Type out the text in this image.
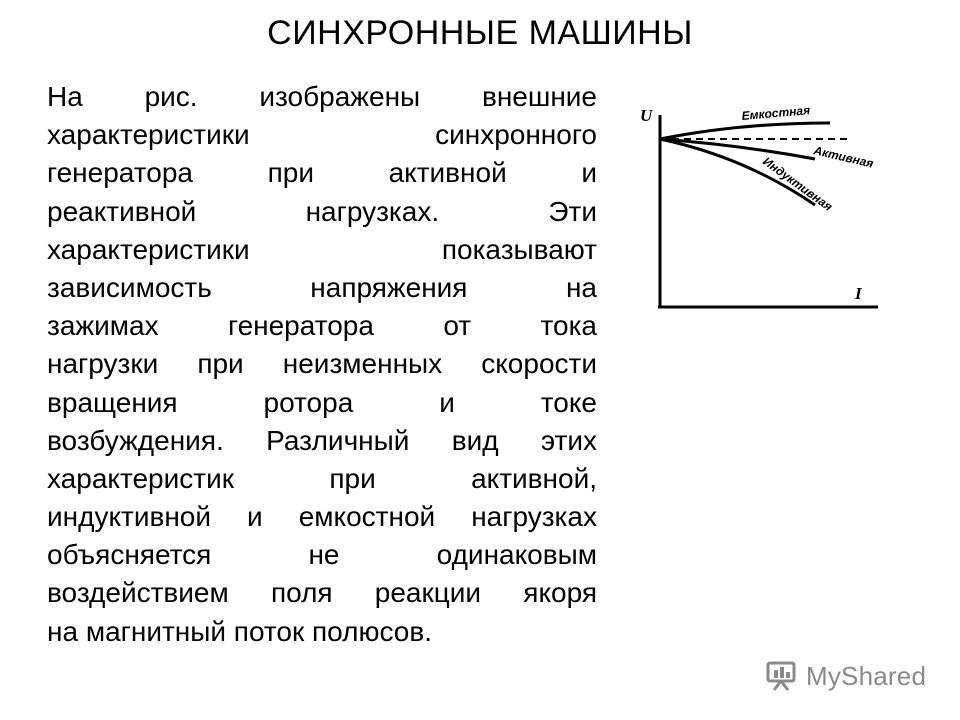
СИНХРОННЫЕ МАШИНЫ
На рис. изображены внешние
характеристики синхронного
генератора при активной и
реактивной нагрузках. Эти
характеристики показывают
зависимость напряжения на
зажимах генератора от тока
нагрузки при неизменных скорости
вращения ротора и токе
возбуждения. Различный вид этих
характеристик при активной,
индуктивной и емкостной нагрузках
объясняется не одинаковым
воздействием поля реакции якоря
на магнитный поток полюсов.
U
I
Емкостная
Активная
Индуктивная
MyShared
